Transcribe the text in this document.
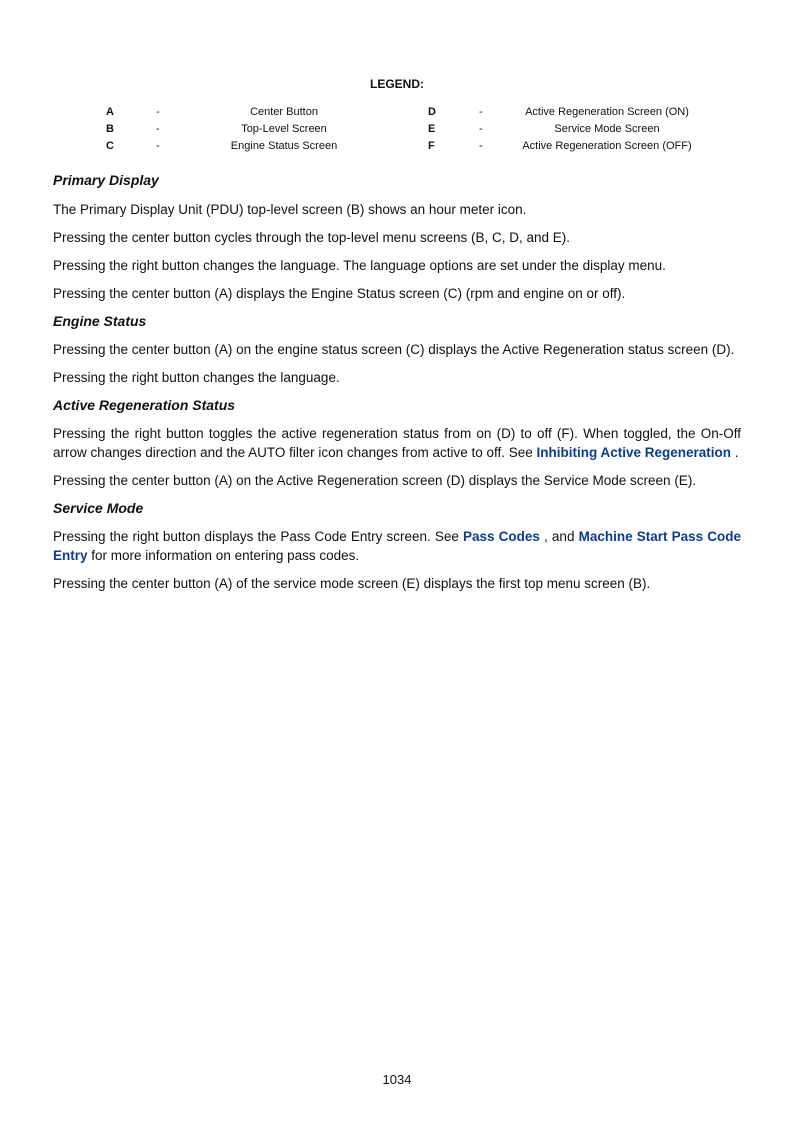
LEGEND:
A	-	Center Button	D	-	Active Regeneration Screen (ON)
B	-	Top-Level Screen	E	-	Service Mode Screen
C	-	Engine Status Screen	F	-	Active Regeneration Screen (OFF)
Primary Display

The Primary Display Unit (PDU) top-level screen (B) shows an hour meter icon.

Pressing the center button cycles through the top-level menu screens (B, C, D, and E).

Pressing the right button changes the language. The language options are set under the display menu.

Pressing the center button (A) displays the Engine Status screen (C) (rpm and engine on or off).

Engine Status

Pressing the center button (A) on the engine status screen (C) displays the Active Regeneration status screen (D).

Pressing the right button changes the language.

Active Regeneration Status

Pressing the right button toggles the active regeneration status from on (D) to off (F). When toggled, the On-Off arrow changes direction and the AUTO filter icon changes from active to off. See Inhibiting Active Regeneration .

Pressing the center button (A) on the Active Regeneration screen (D) displays the Service Mode screen (E).

Service Mode

Pressing the right button displays the Pass Code Entry screen. See Pass Codes , and Machine Start Pass Code Entry for more information on entering pass codes.

Pressing the center button (A) of the service mode screen (E) displays the first top menu screen (B).

1034
